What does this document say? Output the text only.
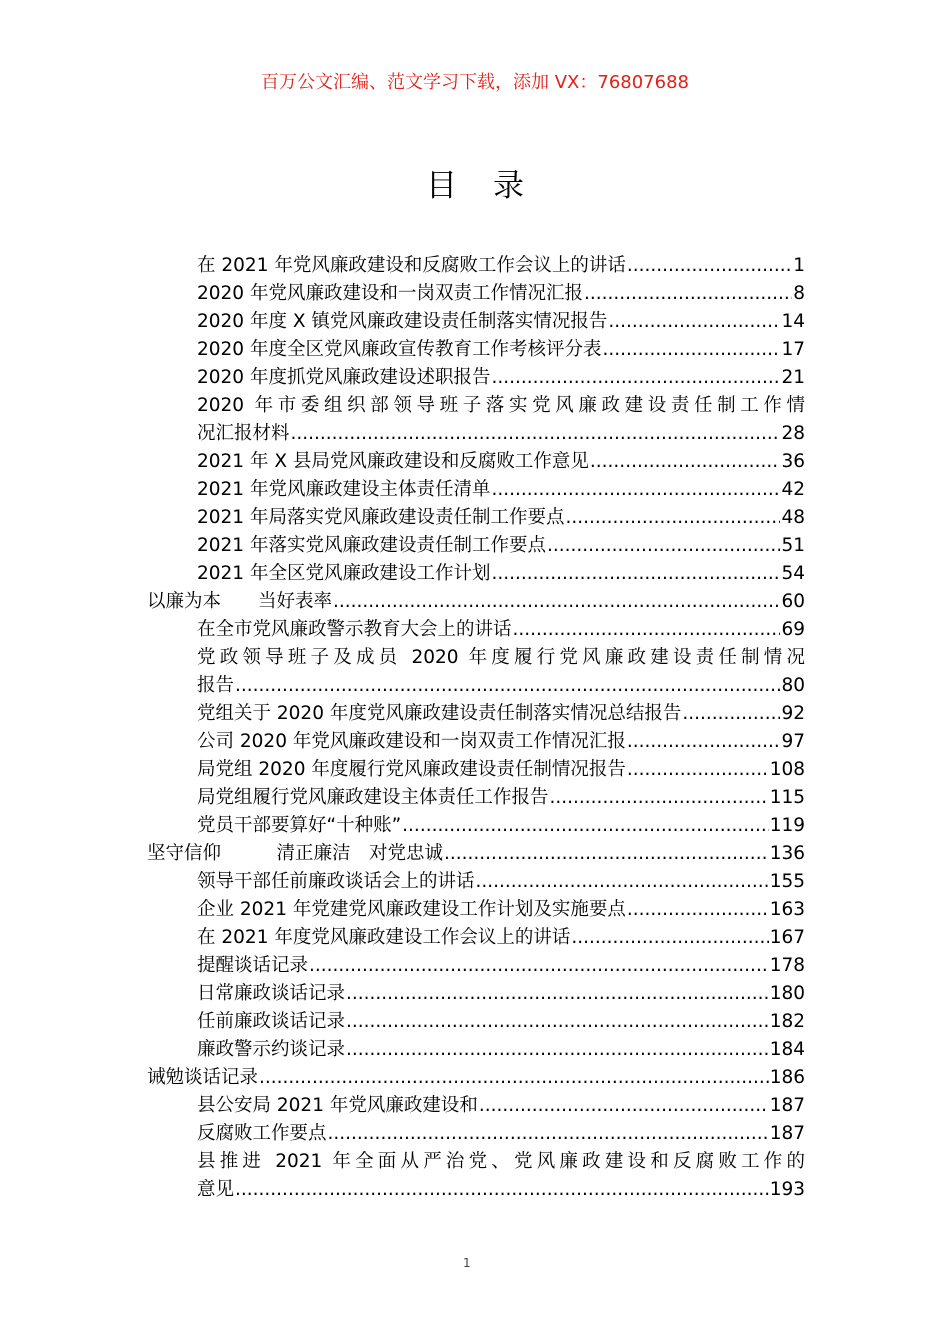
百万公文汇编、范文学习下载，添加 VX：76807688
目录
在 2021 年党风廉政建设和反腐败工作会议上的讲话 .....	1
2020 年党风廉政建设和一岗双责工作情况汇报 .....	8
2020 年度 X 镇党风廉政建设责任制落实情况报告 .....	14
2020 年度全区党风廉政宣传教育工作考核评分表 .....	17
2020 年度抓党风廉政建设述职报告 .....	21
2020 年市委组织部领导班子落实党风廉政建设责任制工作情
况汇报材料 .....	28
2021 年 X 县局党风廉政建设和反腐败工作意见 .....	36
2021 年党风廉政建设主体责任清单 .....	42
2021 年局落实党风廉政建设责任制工作要点 .....	48
2021 年落实党风廉政建设责任制工作要点 .....	51
2021 年全区党风廉政建设工作计划 .....	54
以廉为本　　当好表率 .....	60
在全市党风廉政警示教育大会上的讲话 .....	69
党政领导班子及成员 2020 年度履行党风廉政建设责任制情况
报告 .....	80
党组关于 2020 年度党风廉政建设责任制落实情况总结报告 .....	92
公司 2020 年党风廉政建设和一岗双责工作情况汇报 .....	97
局党组 2020 年度履行党风廉政建设责任制情况报告 .....	108
局党组履行党风廉政建设主体责任工作报告 .....	115
党员干部要算好“十种账” .....	119
坚守信仰　　　清正廉洁　对党忠诚 .....	136
领导干部任前廉政谈话会上的讲话 .....	155
企业 2021 年党建党风廉政建设工作计划及实施要点 .....	163
在 2021 年度党风廉政建设工作会议上的讲话 .....	167
提醒谈话记录 .....	178
日常廉政谈话记录 .....	180
任前廉政谈话记录 .....	182
廉政警示约谈记录 .....	184
诫勉谈话记录 .....	186
县公安局 2021 年党风廉政建设和 .....	187
反腐败工作要点 .....	187
县推进 2021 年全面从严治党、党风廉政建设和反腐败工作的
意见 .....	193
1
